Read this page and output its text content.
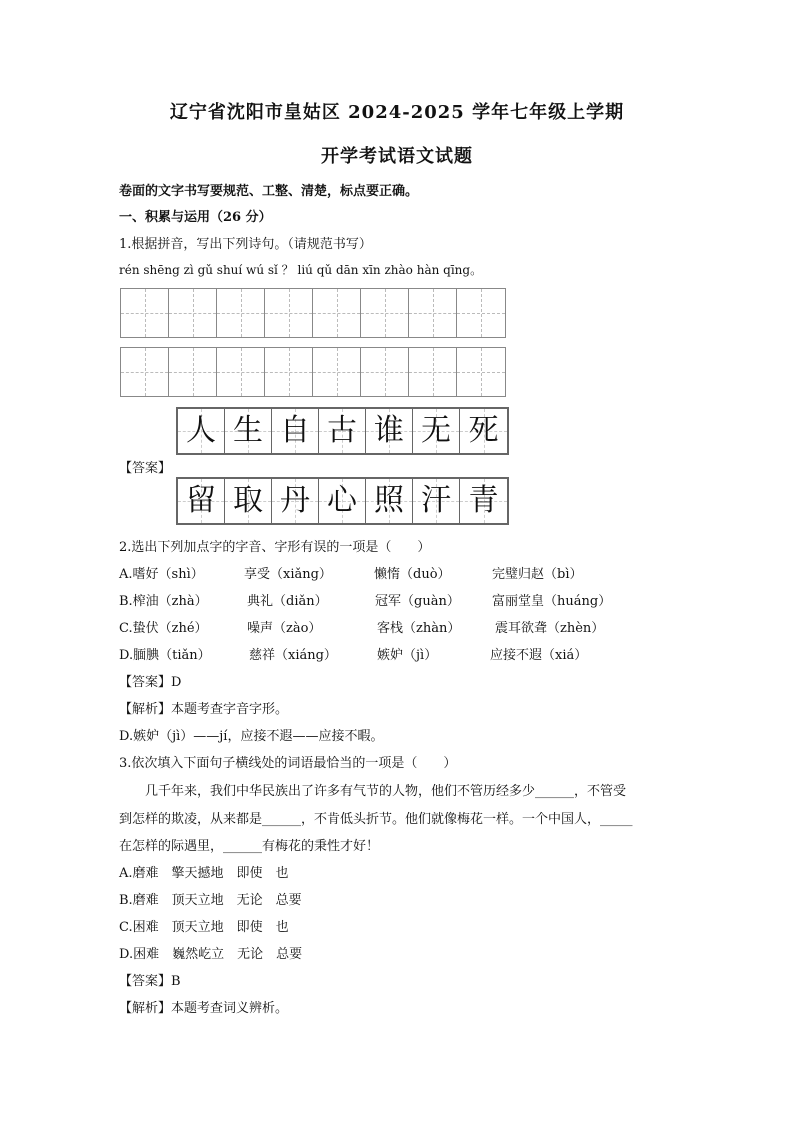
辽宁省沈阳市皇姑区 2024-2025 学年七年级上学期
开学考试语文试题
卷面的文字书写要规范、工整、清楚，标点要正确。
一、积累与运用（26 分）
1.根据拼音，写出下列诗句。（请规范书写）
rén shēng zì gǔ shuí wú sǐ ？ liú qǔ dān xīn zhào hàn qīng。
人 生 自 古 谁 无 死
【答案】
留 取 丹 心 照 汗 青
2.选出下列加点字的字音、字形有误的一项是（　　）
A.嗜好（shì）	享受（xiǎng）	懒惰（duò）	完璧归赵（bì）
B.榨油（zhà）	典礼（diǎn）	冠军（guàn） 富丽堂皇（huáng）
C.蛰伏（zhé）	噪声（zào）	客栈（zhàn）	震耳欲聋（zhèn）
D.腼腆（tiǎn）	慈祥（xiáng）	嫉妒（jì）	应接不遐（xiá）
【答案】D
【解析】本题考查字音字形。
D.嫉妒（jì）——jí，应接不遐——应接不暇。
3.依次填入下面句子横线处的词语最恰当的一项是（　　）
几千年来，我们中华民族出了许多有气节的人物，他们不管历经多少______，不管受
到怎样的欺凌，从来都是______，不肯低头折节。他们就像梅花一样。一个中国人，_____
在怎样的际遇里，______有梅花的秉性才好！
A.磨难　擎天撼地　即使　也
B.磨难　顶天立地　无论　总要
C.困难　顶天立地　即使　也
D.困难　巍然屹立　无论　总要
【答案】B
【解析】本题考查词义辨析。
